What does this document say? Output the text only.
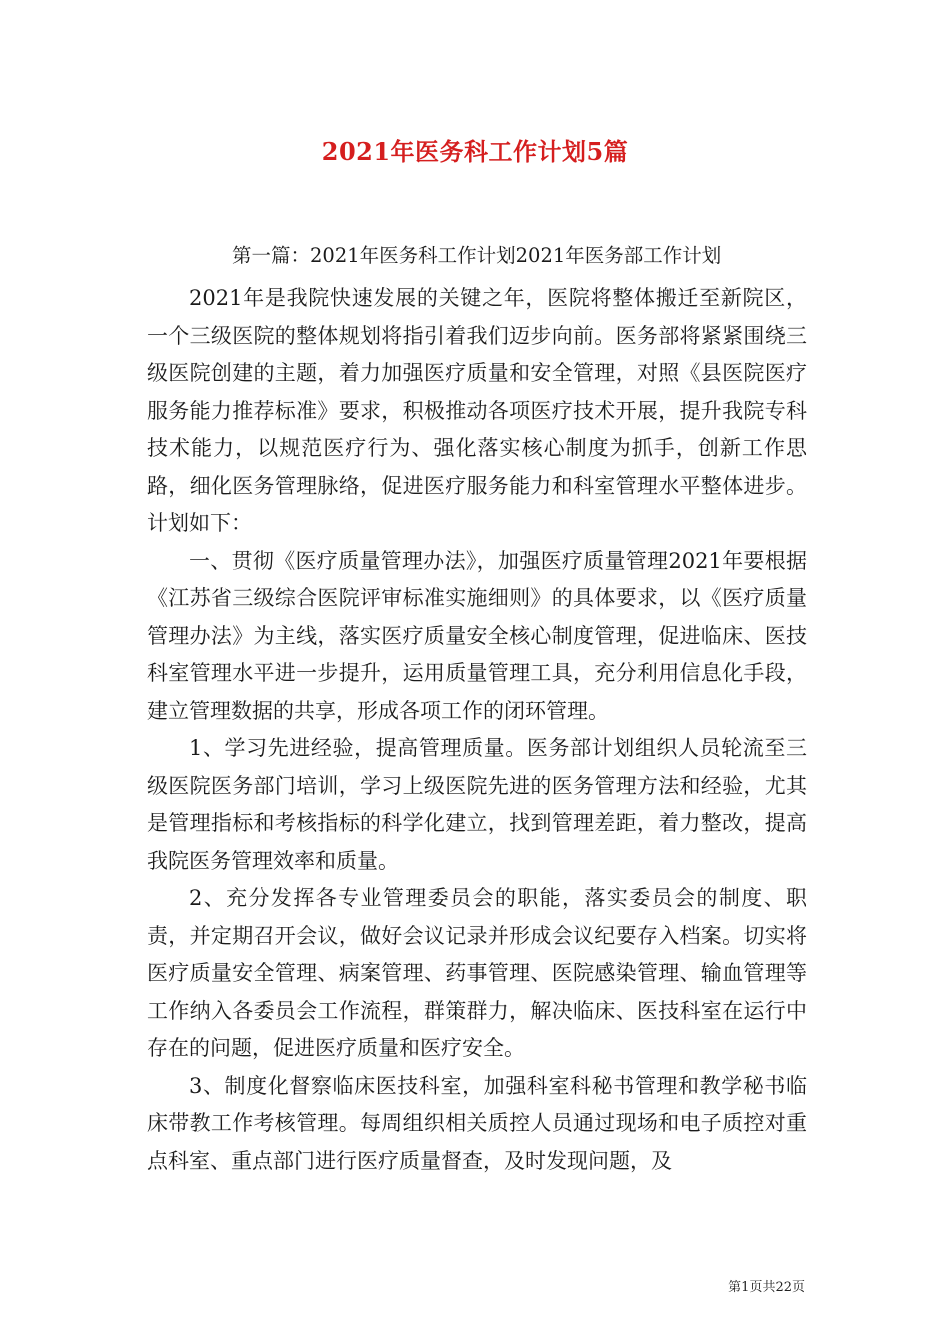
2021年医务科工作计划5篇
第一篇：2021年医务科工作计划2021年医务部工作计划

2021年是我院快速发展的关键之年，医院将整体搬迁至新院区，一个三级医院的整体规划将指引着我们迈步向前。医务部将紧紧围绕三级医院创建的主题，着力加强医疗质量和安全管理，对照《县医院医疗服务能力推荐标准》要求，积极推动各项医疗技术开展，提升我院专科技术能力，以规范医疗行为、强化落实核心制度为抓手，创新工作思路，细化医务管理脉络，促进医疗服务能力和科室管理水平整体进步。计划如下：

一、贯彻《医疗质量管理办法》，加强医疗质量管理2021年要根据《江苏省三级综合医院评审标准实施细则》的具体要求，以《医疗质量管理办法》为主线，落实医疗质量安全核心制度管理，促进临床、医技科室管理水平进一步提升，运用质量管理工具，充分利用信息化手段，建立管理数据的共享，形成各项工作的闭环管理。

1、学习先进经验，提高管理质量。医务部计划组织人员轮流至三级医院医务部门培训，学习上级医院先进的医务管理方法和经验，尤其是管理指标和考核指标的科学化建立，找到管理差距，着力整改，提高我院医务管理效率和质量。

2、充分发挥各专业管理委员会的职能，落实委员会的制度、职责，并定期召开会议，做好会议记录并形成会议纪要存入档案。切实将医疗质量安全管理、病案管理、药事管理、医院感染管理、输血管理等工作纳入各委员会工作流程，群策群力，解决临床、医技科室在运行中存在的问题，促进医疗质量和医疗安全。

3、制度化督察临床医技科室，加强科室科秘书管理和教学秘书临床带教工作考核管理。每周组织相关质控人员通过现场和电子质控对重点科室、重点部门进行医疗质量督查，及时发现问题，及

第1页共22页
